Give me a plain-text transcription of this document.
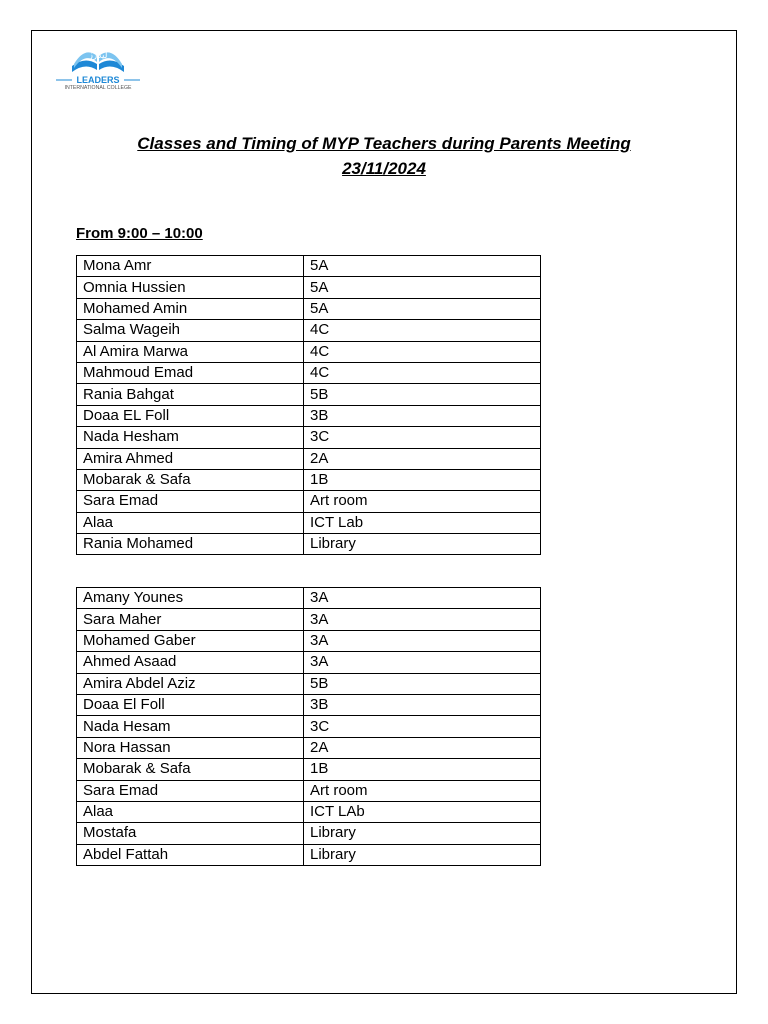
لیدرز
LEADERS
INTERNATIONAL COLLEGE
Classes and Timing of MYP Teachers during Parents Meeting
23/11/2024
From 9:00 – 10:00
Mona Amr	5A
Omnia Hussien	5A
Mohamed Amin	5A
Salma Wageih	4C
Al Amira Marwa	4C
Mahmoud Emad	4C
Rania Bahgat	5B
Doaa EL Foll	3B
Nada Hesham	3C
Amira Ahmed	2A
Mobarak & Safa	1B
Sara Emad	Art room
Alaa	ICT Lab
Rania Mohamed	Library
Amany Younes	3A
Sara Maher	3A
Mohamed Gaber	3A
Ahmed Asaad	3A
Amira Abdel Aziz	5B
Doaa El Foll	3B
Nada Hesam	3C
Nora Hassan	2A
Mobarak & Safa	1B
Sara Emad	Art room
Alaa	ICT LAb
Mostafa	Library
Abdel Fattah	Library
